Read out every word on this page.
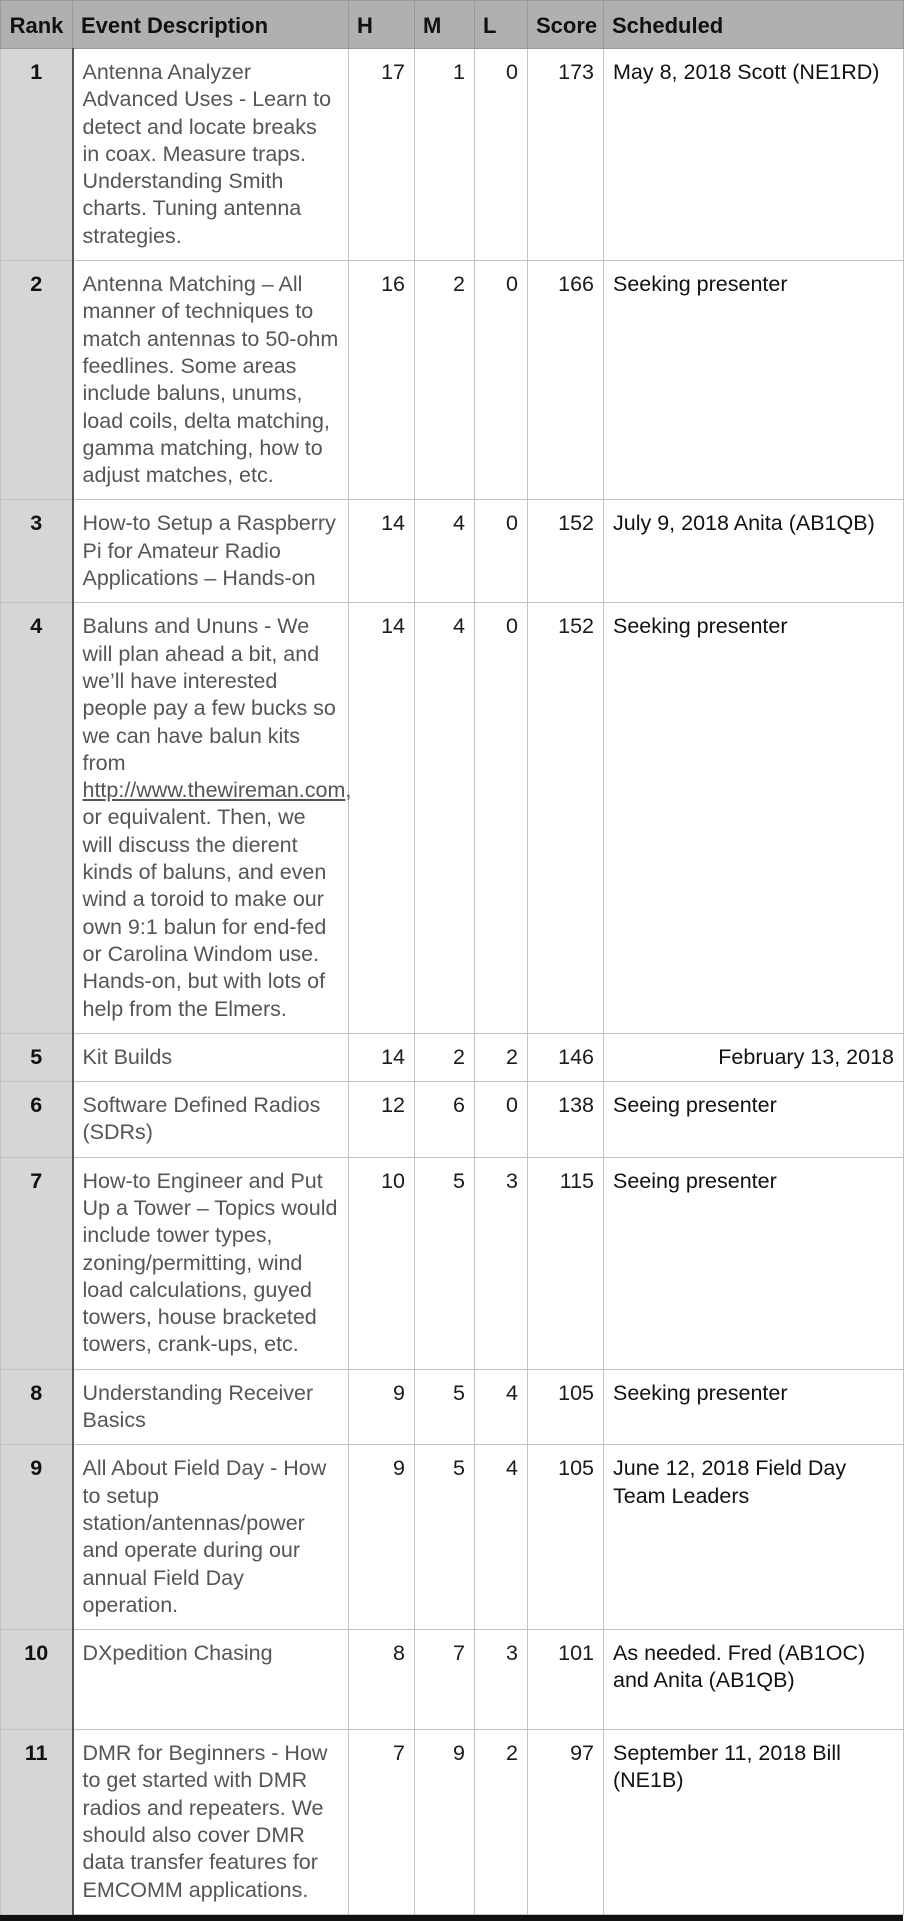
Rank	Event Description	H	M	L	Score	Scheduled
1	Antenna Analyzer Advanced Uses - Learn to detect and locate breaks in coax. Measure traps. Understanding Smith charts. Tuning antenna strategies.	17	1	0	173	May 8, 2018 Scott (NE1RD)
2	Antenna Matching – All manner of techniques to match antennas to 50-ohm feedlines. Some areas include baluns, unums, load coils, delta matching, gamma matching, how to adjust matches, etc.	16	2	0	166	Seeking presenter
3	How-to Setup a Raspberry Pi for Amateur Radio Applications – Hands-on	14	4	0	152	July 9, 2018 Anita (AB1QB)
4	Baluns and Ununs - We will plan ahead a bit, and we’ll have interested people pay a few bucks so we can have balun kits from http://www.thewireman.com, or equivalent. Then, we will discuss the dierent kinds of baluns, and even wind a toroid to make our own 9:1 balun for end-fed or Carolina Windom use. Hands-on, but with lots of help from the Elmers.	14	4	0	152	Seeking presenter
5	Kit Builds	14	2	2	146	February 13, 2018
6	Software Defined Radios (SDRs)	12	6	0	138	Seeing presenter
7	How-to Engineer and Put Up a Tower – Topics would include tower types, zoning/permitting, wind load calculations, guyed towers, house bracketed towers, crank-ups, etc.	10	5	3	115	Seeing presenter
8	Understanding Receiver Basics	9	5	4	105	Seeking presenter
9	All About Field Day - How to setup station/antennas/power and operate during our annual Field Day operation.	9	5	4	105	June 12, 2018 Field Day Team Leaders
10	DXpedition Chasing	8	7	3	101	As needed. Fred (AB1OC) and Anita (AB1QB)
11	DMR for Beginners - How to get started with DMR radios and repeaters. We should also cover DMR data transfer features for EMCOMM applications.	7	9	2	97	September 11, 2018 Bill (NE1B)
